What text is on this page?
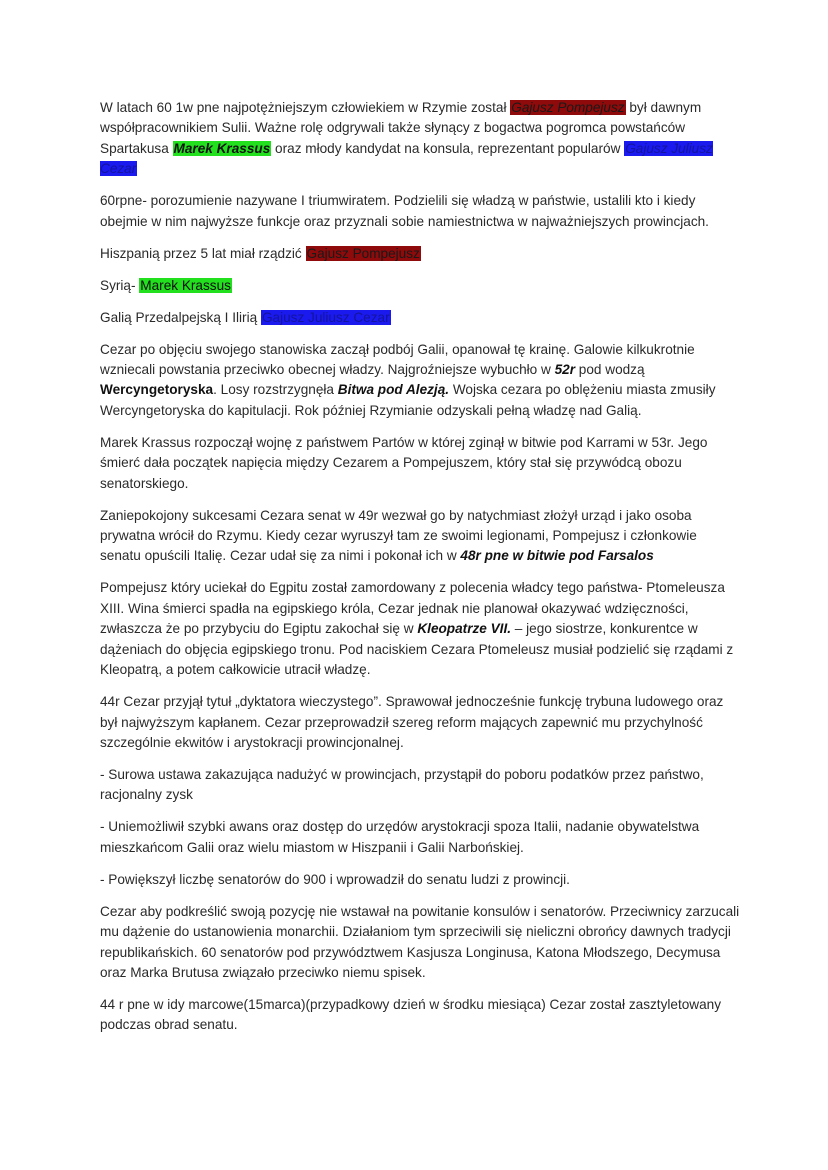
W latach 60 1w pne najpotężniejszym człowiekiem w Rzymie został Gajusz Pompejusz był dawnym współpracownikiem Sulii. Ważne rolę odgrywali także słynący z bogactwa pogromca powstańców Spartakusa Marek Krassus oraz młody kandydat na konsula, reprezentant popularów Gajusz Juliusz Cezar

60rpne- porozumienie nazywane I triumwiratem. Podzielili się władzą w państwie, ustalili kto i kiedy obejmie w nim najwyższe funkcje oraz przyznali sobie namiestnictwa w najważniejszych prowincjach.

Hiszpanią przez 5 lat miał rządzić Gajusz Pompejusz

Syrią- Marek Krassus

Galią Przedalpejską I Ilirią Gajusz Juliusz Cezar

Cezar po objęciu swojego stanowiska zaczął podbój Galii, opanował tę krainę. Galowie kilkukrotnie wzniecali powstania przeciwko obecnej władzy. Najgroźniejsze wybuchło w 52r pod wodzą Wercyngetoryska. Losy rozstrzygnęła Bitwa pod Alezją. Wojska cezara po oblężeniu miasta zmusiły Wercyngetoryska do kapitulacji. Rok później Rzymianie odzyskali pełną władzę nad Galią.

Marek Krassus rozpoczął wojnę z państwem Partów w której zginął w bitwie pod Karrami w 53r. Jego śmierć dała początek napięcia między Cezarem a Pompejuszem, który stał się przywódcą obozu senatorskiego.

Zaniepokojony sukcesami Cezara senat w 49r wezwał go by natychmiast złożył urząd i jako osoba prywatna wrócił do Rzymu. Kiedy cezar wyruszył tam ze swoimi legionami, Pompejusz i członkowie senatu opuścili Italię. Cezar udał się za nimi i pokonał ich w 48r pne w bitwie pod Farsalos

Pompejusz który uciekał do Egpitu został zamordowany z polecenia władcy tego państwa- Ptomeleusza XIII. Wina śmierci spadła na egipskiego króla, Cezar jednak nie planował okazywać wdzięczności, zwłaszcza że po przybyciu do Egiptu zakochał się w Kleopatrze VII. – jego siostrze, konkurentce w dążeniach do objęcia egipskiego tronu. Pod naciskiem Cezara Ptomeleusz musiał podzielić się rządami z Kleopatrą, a potem całkowicie utracił władzę.

44r Cezar przyjął tytuł „dyktatora wieczystego”. Sprawował jednocześnie funkcję trybuna ludowego oraz był najwyższym kapłanem. Cezar przeprowadził szereg reform mających zapewnić mu przychylność szczególnie ekwitów i arystokracji prowincjonalnej.

- Surowa ustawa zakazująca nadużyć w prowincjach, przystąpił do poboru podatków przez państwo, racjonalny zysk

- Uniemożliwił szybki awans oraz dostęp do urzędów arystokracji spoza Italii, nadanie obywatelstwa mieszkańcom Galii oraz wielu miastom w Hiszpanii i Galii Narbońskiej.

- Powiększył liczbę senatorów do 900 i wprowadził do senatu ludzi z prowincji.

Cezar aby podkreślić swoją pozycję nie wstawał na powitanie konsulów i senatorów. Przeciwnicy zarzucali mu dążenie do ustanowienia monarchii. Działaniom tym sprzeciwili się nieliczni obrońcy dawnych tradycji republikańskich. 60 senatorów pod przywództwem Kasjusza Longinusa, Katona Młodszego, Decymusa oraz Marka Brutusa związało przeciwko niemu spisek.

44 r pne w idy marcowe(15marca)(przypadkowy dzień w środku miesiąca) Cezar został zasztyletowany podczas obrad senatu.
